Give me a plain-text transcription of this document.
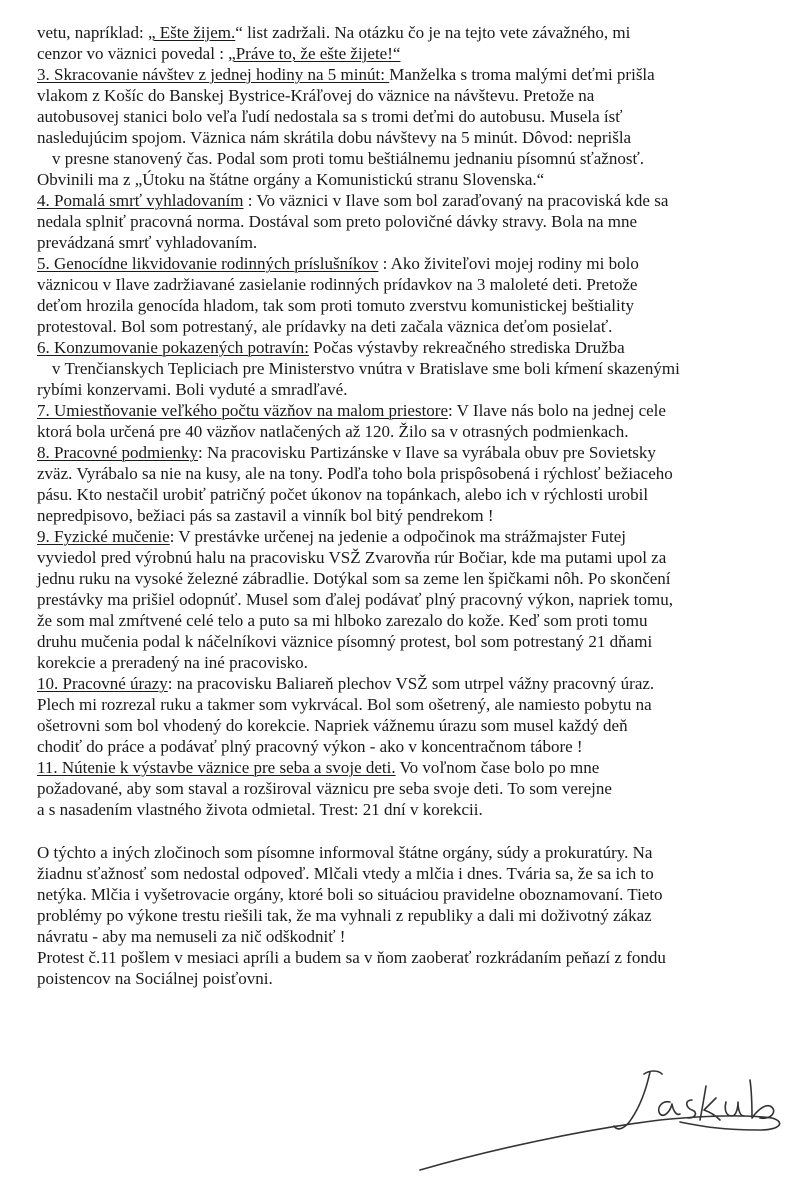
vetu, napríklad: „ Ešte žijem.“ list zadržali. Na otázku čo je na tejto vete závažného, mi
cenzor vo väznici povedal : „Práve to, že ešte žijete!“
3. Skracovanie návštev z jednej hodiny na 5 minút: Manželka s troma malými deťmi prišla
vlakom z Košíc do Banskej Bystrice-Kráľovej do väznice na návštevu. Pretože na
autobusovej stanici bolo veľa ľudí nedostala sa s tromi deťmi do autobusu. Musela ísť
nasledujúcim spojom. Väznica nám skrátila dobu návštevy na 5 minút. Dôvod: neprišla
v presne stanovený čas. Podal som proti tomu beštiálnemu jednaniu písomnú sťažnosť.
Obvinili ma z „Útoku na štátne orgány a Komunistickú stranu Slovenska.“
4. Pomalá smrť vyhladovaním : Vo väznici v Ilave som bol zaraďovaný na pracoviská kde sa
nedala splniť pracovná norma. Dostával som preto polovičné dávky stravy. Bola na mne
prevádzaná smrť vyhladovaním.
5. Genocídne likvidovanie rodinných príslušníkov : Ako živiteľovi mojej rodiny mi bolo
väznicou v Ilave zadržiavané zasielanie rodinných prídavkov na 3 maloleté deti. Pretože
deťom hrozila genocída hladom, tak som proti tomuto zverstvu komunistickej beštiality
protestoval. Bol som potrestaný, ale prídavky na deti začala väznica deťom posielať.
6. Konzumovanie pokazených potravín: Počas výstavby rekreačného strediska Družba
v Trenčianskych Tepliciach pre Ministerstvo vnútra v Bratislave sme boli kŕmení skazenými
rybími konzervami. Boli vyduté a smradľavé.
7. Umiestňovanie veľkého počtu väzňov na malom priestore: V Ilave nás bolo na jednej cele
ktorá bola určená pre 40 väzňov natlačených až 120. Žilo sa v otrasných podmienkach.
8. Pracovné podmienky: Na pracovisku Partizánske v Ilave sa vyrábala obuv pre Sovietsky
zväz. Vyrábalo sa nie na kusy, ale na tony. Podľa toho bola prispôsobená i rýchlosť bežiaceho
pásu. Kto nestačil urobiť patričný počet úkonov na topánkach, alebo ich v rýchlosti urobil
nepredpisovo, bežiaci pás sa zastavil a vinník bol bitý pendrekom !
9. Fyzické mučenie: V prestávke určenej na jedenie a odpočinok ma strážmajster Futej
vyviedol pred výrobnú halu na pracovisku VSŽ Zvarovňa rúr Bočiar, kde ma putami upol za
jednu ruku na vysoké železné zábradlie. Dotýkal som sa zeme len špičkami nôh. Po skončení
prestávky ma prišiel odopnúť. Musel som ďalej podávať plný pracovný výkon, napriek tomu,
že som mal zmŕtvené celé telo a puto sa mi hlboko zarezalo do kože. Keď som proti tomu
druhu mučenia podal k náčelníkovi väznice písomný protest, bol som potrestaný 21 dňami
korekcie a preradený na iné pracovisko.
10. Pracovné úrazy: na pracovisku Baliareň plechov VSŽ som utrpel vážny pracovný úraz.
Plech mi rozrezal ruku a takmer som vykrvácal. Bol som ošetrený, ale namiesto pobytu na
ošetrovni som bol vhodený do korekcie. Napriek vážnemu úrazu som musel každý deň
chodiť do práce a podávať plný pracovný výkon - ako v koncentračnom tábore !
11. Nútenie k výstavbe väznice pre seba a svoje deti. Vo voľnom čase bolo po mne
požadované, aby som staval a rozširoval väznicu pre seba svoje deti. To som verejne
a s nasadením vlastného života odmietal. Trest: 21 dní v korekcii.
O týchto a iných zločinoch som písomne informoval štátne orgány, súdy a prokuratúry. Na
žiadnu sťažnosť som nedostal odpoveď. Mlčali vtedy a mlčia i dnes. Tvária sa, že sa ich to
netýka. Mlčia i vyšetrovacie orgány, ktoré boli so situáciou pravidelne oboznamovaní. Tieto
problémy po výkone trestu riešili tak, že ma vyhnali z republiky a dali mi doživotný zákaz
návratu - aby ma nemuseli za nič odškodniť !
Protest č.11 pošlem v mesiaci apríli a budem sa v ňom zaoberať rozkrádaním peňazí z fondu
poistencov na Sociálnej poisťovni.
